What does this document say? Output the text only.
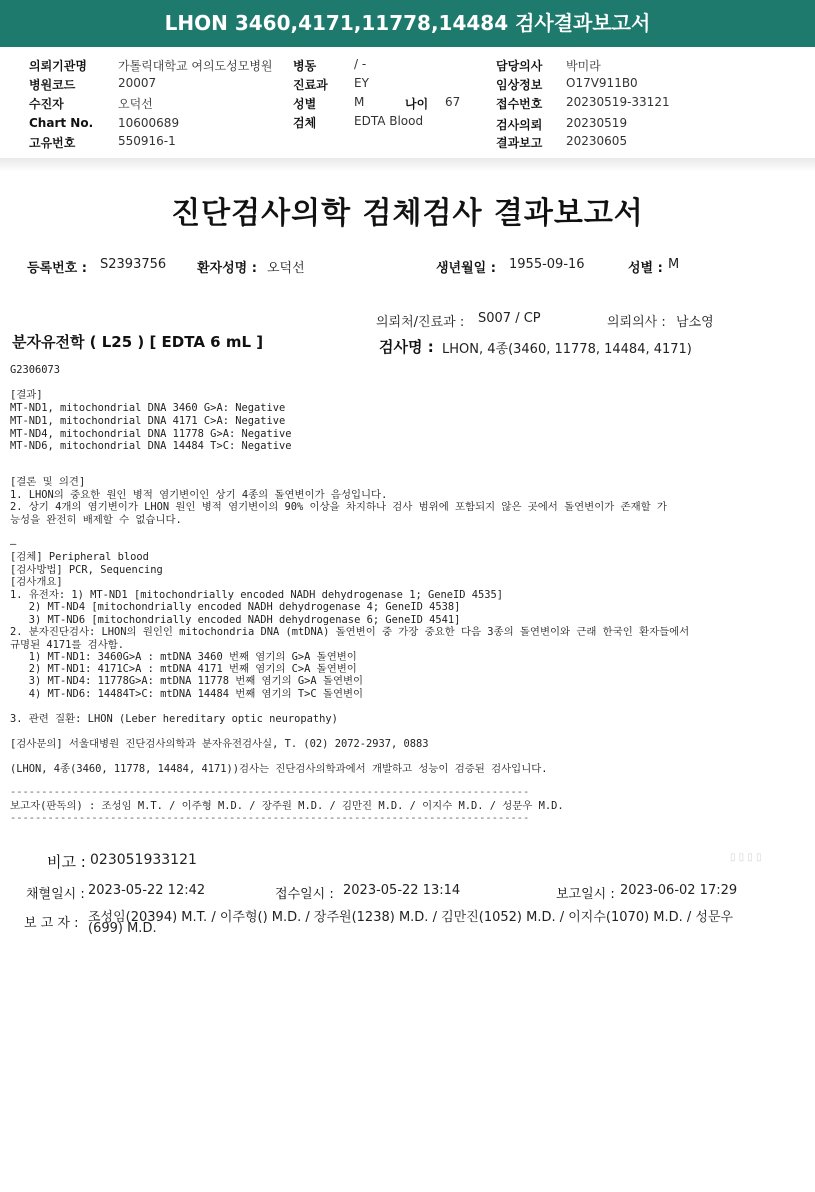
LHON 3460,4171,11778,14484 검사결과보고서
의뢰기관명	가톨릭대학교 여의도성모병원
병원코드	20007
수진자	오덕선
Chart No. 10600689
고유번호	550916-1
병동	/ -
진료과 EY
성별	M	나이 67
검체	EDTA Blood
담당의사 박미라
임상정보 O17V911B0
접수번호 20230519-33121
검사의뢰 20230519
결과보고 20230605
진단검사의학 검체검사 결과보고서
등록번호 : S2393756 환자성명 : 오덕선	생년월일 : 1955-09-16	성별 : M
의뢰처/진료과 : S007 / CP	의뢰의사 : 남소영
분자유전학 ( L25 ) [ EDTA 6 mL ]	검사명 : LHON, 4종(3460, 11778, 14484, 4171)
G2306073
[결과]
MT-ND1, mitochondrial DNA 3460 G>A: Negative
MT-ND1, mitochondrial DNA 4171 C>A: Negative
MT-ND4, mitochondrial DNA 11778 G>A: Negative
MT-ND6, mitochondrial DNA 14484 T>C: Negative
[결론 및 의견]
1. LHON의 중요한 원인 병적 염기변이인 상기 4종의 돌연변이가 음성입니다.
2. 상기 4개의 염기변이가 LHON 원인 병적 염기변이의 90% 이상을 차지하나 검사 범위에 포함되지 않은 곳에서 돌연변이가 존재할 가
능성을 완전히 배제할 수 없습니다.
—
[검체] Peripheral blood
[검사방법] PCR, Sequencing
[검사개요]
1. 유전자: 1) MT-ND1 [mitochondrially encoded NADH dehydrogenase 1; GeneID 4535]
2) MT-ND4 [mitochondrially encoded NADH dehydrogenase 4; GeneID 4538]
3) MT-ND6 [mitochondrially encoded NADH dehydrogenase 6; GeneID 4541]
2. 분자진단검사: LHON의 원인인 mitochondria DNA (mtDNA) 돌연변이 중 가장 중요한 다음 3종의 돌연변이와 근래 한국인 환자들에서
규명된 4171를 검사함.
1) MT-ND1: 3460G>A : mtDNA 3460 번째 염기의 G>A 돌연변이
2) MT-ND1: 4171C>A : mtDNA 4171 번째 염기의 C>A 돌연변이
3) MT-ND4: 11778G>A: mtDNA 11778 번째 염기의 G>A 돌연변이
4) MT-ND6: 14484T>C: mtDNA 14484 번째 염기의 T>C 돌연변이
3. 관련 질환: LHON (Leber hereditary optic neuropathy)
[검사문의] 서울대병원 진단검사의학과 분자유전검사실, T. (02) 2072-2937, 0883
(LHON, 4종(3460, 11778, 14484, 4171))검사는 진단검사의학과에서 개발하고 성능이 검증된 검사입니다.
-----------------------------------------------------------------------------------
보고자(판독의) : 조성임 M.T. / 이주형 M.D. / 장주원 M.D. / 김만진 M.D. / 이지수 M.D. / 성문우 M.D.
-----------------------------------------------------------------------------------
▯ ▯ ▯ ▯
비고 : 023051933121
채혈일시 : 2023-05-22 12:42	접수일시 : 2023-05-22 13:14	보고일시 : 2023-06-02 17:29
보 고 자 : 조성임(20394) M.T. / 이주형() M.D. / 장주원(1238) M.D. / 김만진(1052) M.D. / 이지수(1070) M.D. / 성문우
(699) M.D.
